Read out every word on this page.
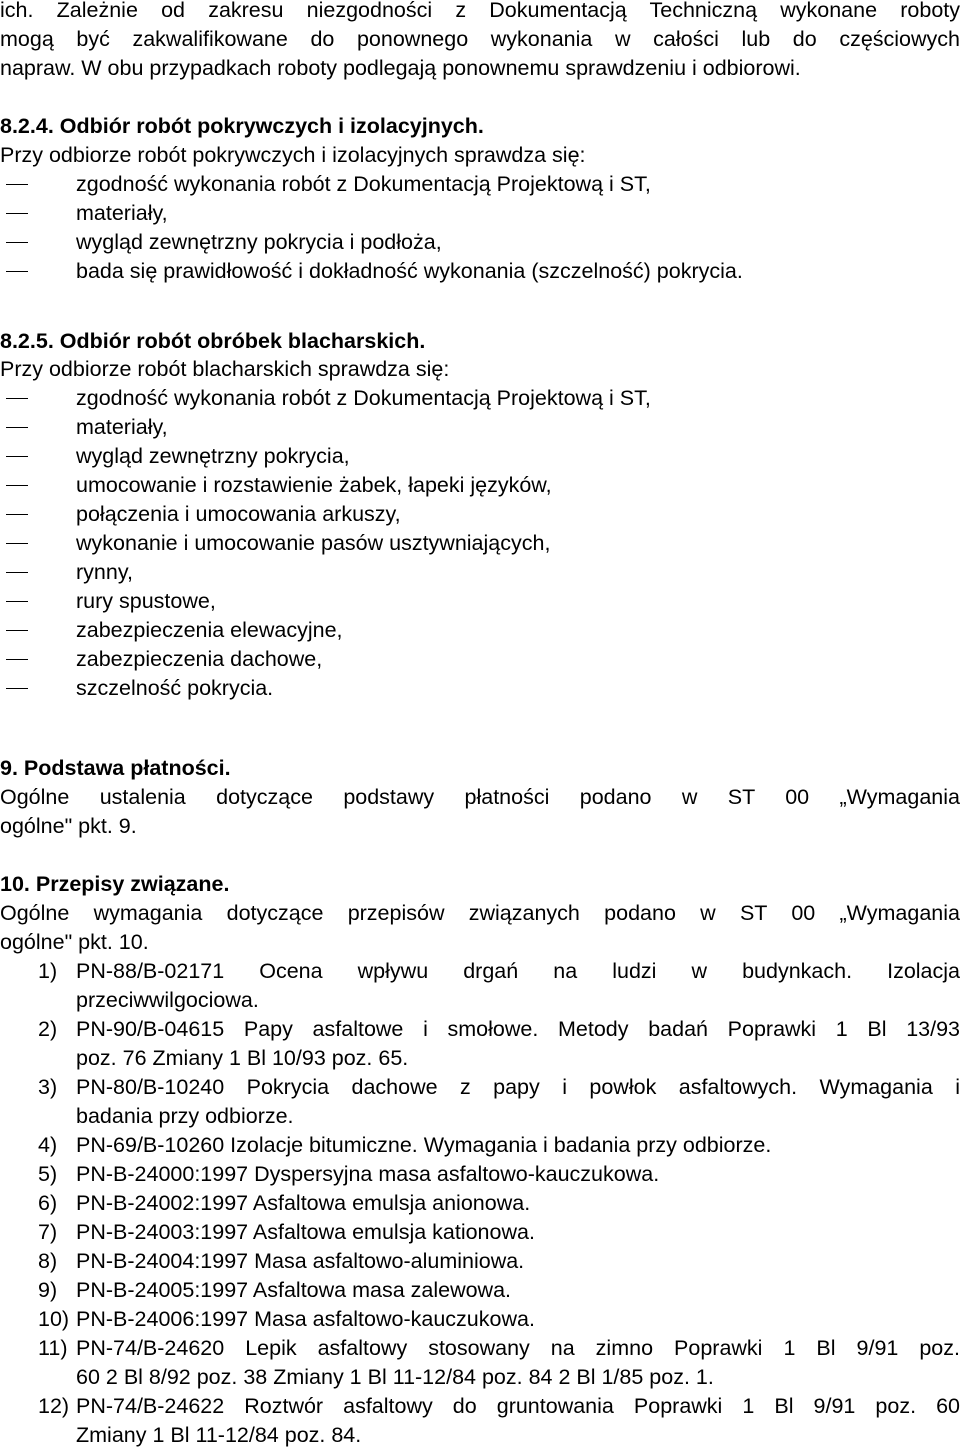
ich. Zależnie od zakresu niezgodności z Dokumentacją Techniczną wykonane roboty
mogą być zakwalifikowane do ponownego wykonania w całości lub do częściowych
napraw. W obu przypadkach roboty podlegają ponownemu sprawdzeniu i odbiorowi.
8.2.4. Odbiór robót pokrywczych i izolacyjnych.
Przy odbiorze robót pokrywczych i izolacyjnych sprawdza się:
zgodność wykonania robót z Dokumentacją Projektową i ST,
materiały,
wygląd zewnętrzny pokrycia i podłoża,
bada się prawidłowość i dokładność wykonania (szczelność) pokrycia.
8.2.5. Odbiór robót obróbek blacharskich.
Przy odbiorze robót blacharskich sprawdza się:
zgodność wykonania robót z Dokumentacją Projektową i ST,
materiały,
wygląd zewnętrzny pokrycia,
umocowanie i rozstawienie żabek, łapeki języków,
połączenia i umocowania arkuszy,
wykonanie i umocowanie pasów usztywniających,
rynny,
rury spustowe,
zabezpieczenia elewacyjne,
zabezpieczenia dachowe,
szczelność pokrycia.
9. Podstawa płatności.
Ogólne ustalenia dotyczące podstawy płatności podano w ST 00 „Wymagania
ogólne" pkt. 9.
10. Przepisy związane.
Ogólne wymagania dotyczące przepisów związanych podano w ST 00 „Wymagania
ogólne" pkt. 10.
1) PN-88/B-02171 Ocena wpływu drgań na ludzi w budynkach. Izolacja
przeciwwilgociowa.
2) PN-90/B-04615 Papy asfaltowe i smołowe. Metody badań Poprawki 1 Bl 13/93
poz. 76 Zmiany 1 Bl 10/93 poz. 65.
3) PN-80/B-10240 Pokrycia dachowe z papy i powłok asfaltowych. Wymagania i
badania przy odbiorze.
4) PN-69/B-10260 Izolacje bitumiczne. Wymagania i badania przy odbiorze.
5) PN-B-24000:1997 Dyspersyjna masa asfaltowo-kauczukowa.
6) PN-B-24002:1997 Asfaltowa emulsja anionowa.
7) PN-B-24003:1997 Asfaltowa emulsja kationowa.
8) PN-B-24004:1997 Masa asfaltowo-aluminiowa.
9) PN-B-24005:1997 Asfaltowa masa zalewowa.
10) PN-B-24006:1997 Masa asfaltowo-kauczukowa.
11) PN-74/B-24620 Lepik asfaltowy stosowany na zimno Poprawki 1 Bl 9/91 poz.
60 2 Bl 8/92 poz. 38 Zmiany 1 Bl 11-12/84 poz. 84 2 Bl 1/85 poz. 1.
12) PN-74/B-24622 Roztwór asfaltowy do gruntowania Poprawki 1 Bl 9/91 poz. 60
Zmiany 1 Bl 11-12/84 poz. 84.
